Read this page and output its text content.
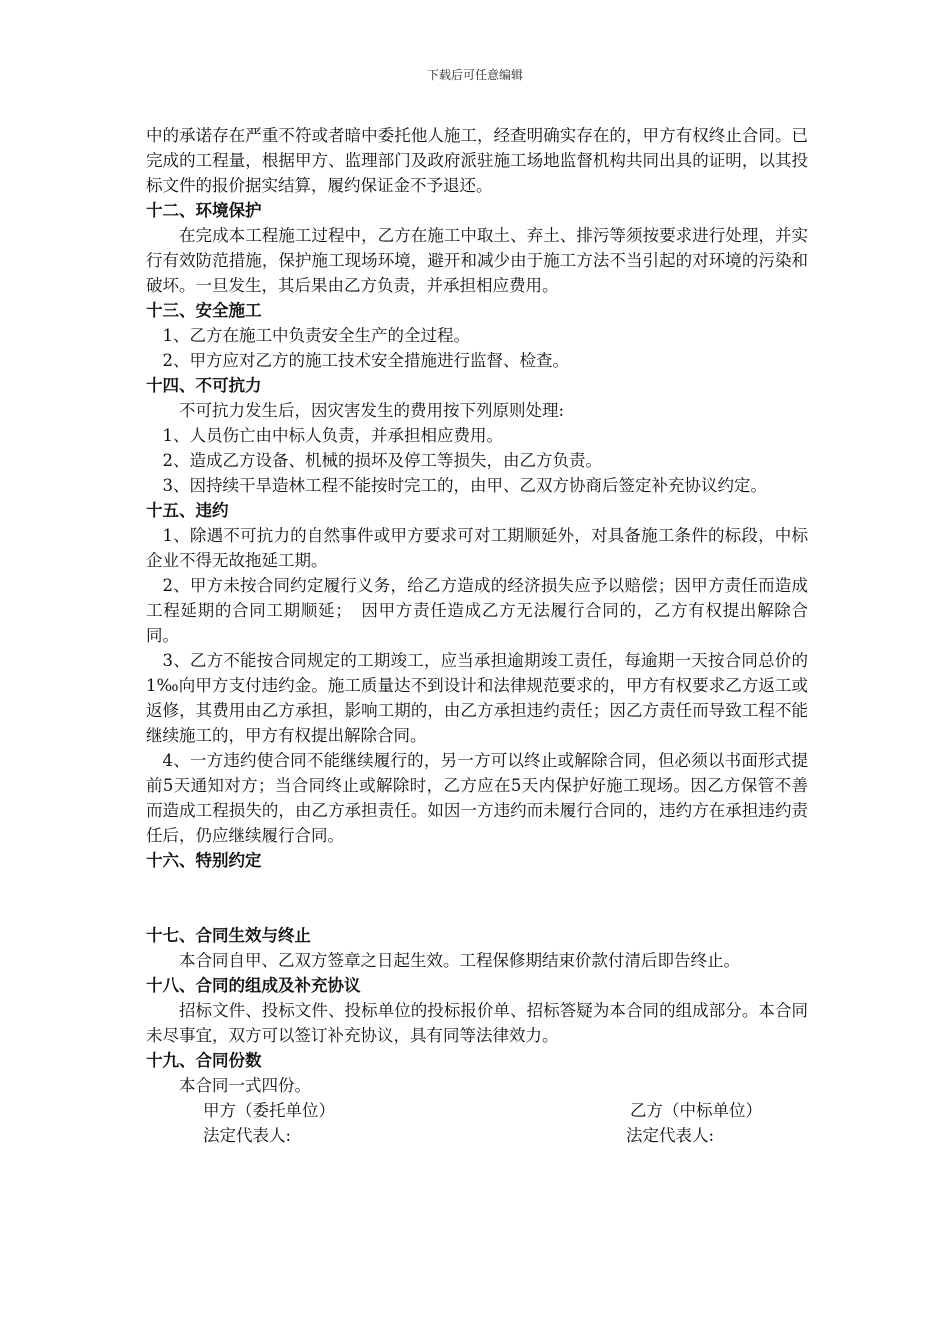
下载后可任意编辑

中的承诺存在严重不符或者暗中委托他人施工，经查明确实存在的，甲方有权终止合同。已完成的工程量，根据甲方、监理部门及政府派驻施工场地监督机构共同出具的证明，以其投标文件的报价据实结算，履约保证金不予退还。

十二、环境保护

在完成本工程施工过程中，乙方在施工中取土、弃土、排污等须按要求进行处理，并实行有效防范措施，保护施工现场环境，避开和减少由于施工方法不当引起的对环境的污染和破坏。一旦发生，其后果由乙方负责，并承担相应费用。

十三、安全施工

1、乙方在施工中负责安全生产的全过程。

2、甲方应对乙方的施工技术安全措施进行监督、检查。

十四、不可抗力

不可抗力发生后，因灾害发生的费用按下列原则处理:

1、人员伤亡由中标人负责，并承担相应费用。

2、造成乙方设备、机械的损坏及停工等损失，由乙方负责。

3、因持续干旱造林工程不能按时完工的，由甲、乙双方协商后签定补充协议约定。

十五、违约

1、除遇不可抗力的自然事件或甲方要求可对工期顺延外，对具备施工条件的标段，中标企业不得无故拖延工期。

2、甲方未按合同约定履行义务，给乙方造成的经济损失应予以赔偿；因甲方责任而造成工程延期的合同工期顺延；　因甲方责任造成乙方无法履行合同的，乙方有权提出解除合同。

3、乙方不能按合同规定的工期竣工，应当承担逾期竣工责任，每逾期一天按合同总价的1‰向甲方支付违约金。施工质量达不到设计和法律规范要求的，甲方有权要求乙方返工或返修，其费用由乙方承担，影响工期的，由乙方承担违约责任；因乙方责任而导致工程不能继续施工的，甲方有权提出解除合同。

4、一方违约使合同不能继续履行的，另一方可以终止或解除合同，但必须以书面形式提前5天通知对方；当合同终止或解除时，乙方应在5天内保护好施工现场。因乙方保管不善而造成工程损失的，由乙方承担责任。如因一方违约而未履行合同的，违约方在承担违约责任后，仍应继续履行合同。

十六、特别约定
十七、合同生效与终止

本合同自甲、乙双方签章之日起生效。工程保修期结束价款付清后即告终止。

十八、合同的组成及补充协议

招标文件、投标文件、投标单位的投标报价单、招标答疑为本合同的组成部分。本合同未尽事宜，双方可以签订补充协议，具有同等法律效力。

十九、合同份数

本合同一式四份。

甲方（委托单位）	乙方（中标单位）
法定代表人:	法定代表人:
